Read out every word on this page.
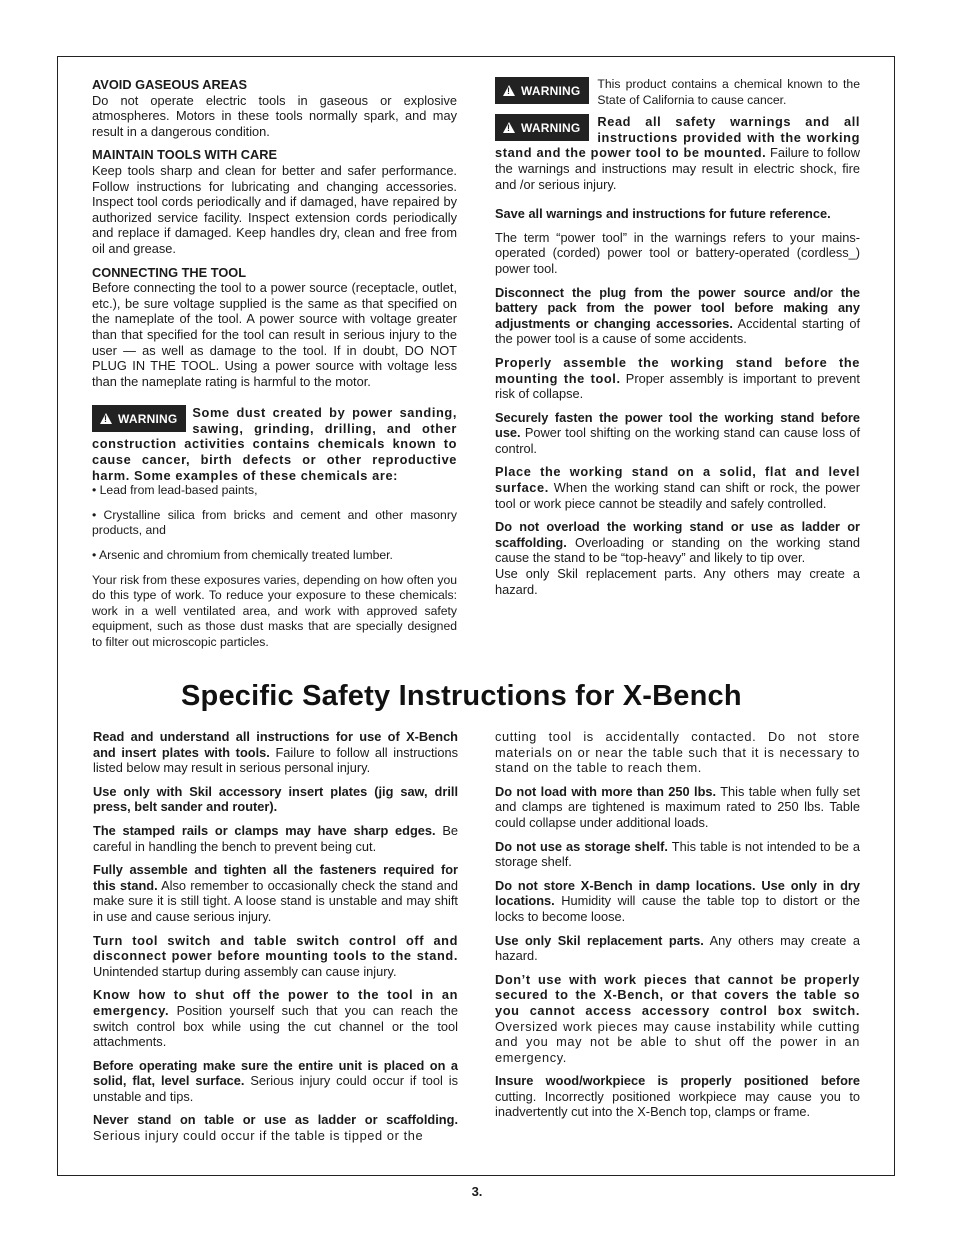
AVOID GASEOUS AREAS
Do not operate electric tools in gaseous or explosive atmospheres. Motors in these tools normally spark, and may result in a dangerous condition.

MAINTAIN TOOLS WITH CARE
Keep tools sharp and clean for better and safer performance. Follow instructions for lubricating and changing accessories. Inspect tool cords periodically and if damaged, have repaired by authorized service facility. Inspect extension cords periodically and replace if damaged. Keep handles dry, clean and free from oil and grease.

CONNECTING THE TOOL
Before connecting the tool to a power source (receptacle, outlet, etc.), be sure voltage supplied is the same as that specified on the nameplate of the tool. A power source with voltage greater than that specified for the tool can result in serious injury to the user — as well as damage to the tool. If in doubt, DO NOT PLUG IN THE TOOL. Using a power source with voltage less than the nameplate rating is harmful to the motor.

!WARNING	Some dust created by power sanding, sawing, grinding, drilling, and other construction activities contains chemicals known to cause cancer, birth defects or other reproductive harm. Some examples of these chemicals are:

• Lead from lead-based paints,

• Crystalline silica from bricks and cement and other masonry products, and

• Arsenic and chromium from chemically treated lumber.

Your risk from these exposures varies, depending on how often you do this type of work. To reduce your exposure to these chemicals: work in a well ventilated area, and work with approved safety equipment, such as those dust masks that are specially designed to filter out microscopic particles.

!WARNING	This product contains a chemical known to the State of California to cause cancer.

!WARNING	Read all safety warnings and all instructions provided with the working stand and the power tool to be mounted. Failure to follow the warnings and instructions may result in electric shock, fire and /or serious injury.

Save all warnings and instructions for future reference.

The term “power tool” in the warnings refers to your mains-operated (corded) power tool or battery-operated (cordless_) power tool.

Disconnect the plug from the power source and/or the battery pack from the power tool before making any adjustments or changing accessories. Accidental starting of the power tool is a cause of some accidents.

Properly assemble the working stand before the mounting the tool. Proper assembly is important to prevent risk of collapse.

Securely fasten the power tool the working stand before use. Power tool shifting on the working stand can cause loss of control.

Place the working stand on a solid, flat and level surface. When the working stand can shift or rock, the power tool or work piece cannot be steadily and safely controlled.

Do not overload the working stand or use as ladder or scaffolding. Overloading or standing on the working stand cause the stand to be “top-heavy” and likely to tip over.

Use only Skil replacement parts. Any others may create a hazard.

Specific Safety Instructions for X-Bench

Read and understand all instructions for use of X-Bench and insert plates with tools. Failure to follow all instructions listed below may result in serious personal injury.

Use only with Skil accessory insert plates (jig saw, drill press, belt sander and router).

The stamped rails or clamps may have sharp edges. Be careful in handling the bench to prevent being cut.

Fully assemble and tighten all the fasteners required for this stand. Also remember to occasionally check the stand and make sure it is still tight. A loose stand is unstable and may shift in use and cause serious injury.

Turn tool switch and table switch control off and disconnect power before mounting tools to the stand. Unintended startup during assembly can cause injury.

Know how to shut off the power to the tool in an emergency. Position yourself such that you can reach the switch control box while using the cut channel or the tool attachments.

Before operating make sure the entire unit is placed on a solid, flat, level surface. Serious injury could occur if tool is unstable and tips.

Never stand on table or use as ladder or scaffolding. Serious injury could occur if the table is tipped or the

cutting tool is accidentally contacted. Do not store materials on or near the table such that it is necessary to stand on the table to reach them.

Do not load with more than 250 lbs. This table when fully set and clamps are tightened is maximum rated to 250 lbs. Table could collapse under additional loads.

Do not use as storage shelf. This table is not intended to be a storage shelf.

Do not store X-Bench in damp locations. Use only in dry locations. Humidity will cause the table top to distort or the locks to become loose.

Use only Skil replacement parts. Any others may create a hazard.

Don’t use with work pieces that cannot be properly secured to the X-Bench, or that covers the table so you cannot access accessory control box switch. Oversized work pieces may cause instability while cutting and you may not be able to shut off the power in an emergency.

Insure wood/workpiece is properly positioned before cutting. Incorrectly positioned workpiece may cause you to inadvertently cut into the X-Bench top, clamps or frame.

3.
